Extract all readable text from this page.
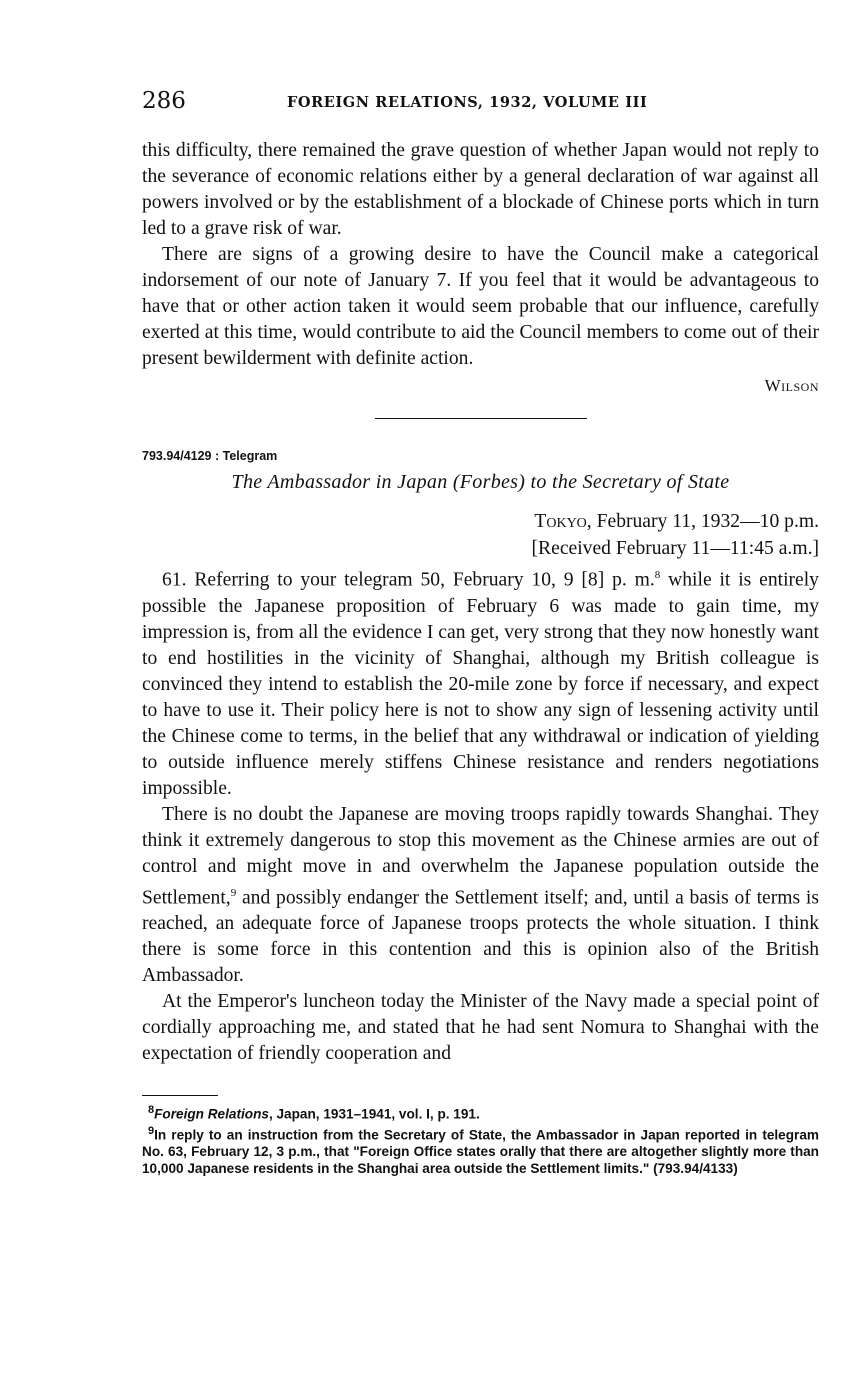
286	FOREIGN RELATIONS, 1932, VOLUME III

this difficulty, there remained the grave question of whether Japan would not reply to the severance of economic relations either by a general declaration of war against all powers involved or by the establishment of a blockade of Chinese ports which in turn led to a grave risk of war.

There are signs of a growing desire to have the Council make a categorical indorsement of our note of January 7. If you feel that it would be advantageous to have that or other action taken it would seem probable that our influence, carefully exerted at this time, would contribute to aid the Council members to come out of their present bewilderment with definite action.

Wilson

793.94/4129 : Telegram

The Ambassador in Japan (Forbes) to the Secretary of State

Tokyo, February 11, 1932—10 p.m.
[Received February 11—11:45 a.m.]

61. Referring to your telegram 50, February 10, 9 [8] p. m.$^8$ while it is entirely possible the Japanese proposition of February 6 was made to gain time, my impression is, from all the evidence I can get, very strong that they now honestly want to end hostilities in the vicinity of Shanghai, although my British colleague is convinced they intend to establish the 20-mile zone by force if necessary, and expect to have to use it. Their policy here is not to show any sign of lessening activity until the Chinese come to terms, in the belief that any withdrawal or indication of yielding to outside influence merely stiffens Chinese resistance and renders negotiations impossible.

There is no doubt the Japanese are moving troops rapidly towards Shanghai. They think it extremely dangerous to stop this movement as the Chinese armies are out of control and might move in and overwhelm the Japanese population outside the Settlement,$^9$ and possibly endanger the Settlement itself; and, until a basis of terms is reached, an adequate force of Japanese troops protects the whole situation. I think there is some force in this contention and this is opinion also of the British Ambassador.

At the Emperor's luncheon today the Minister of the Navy made a special point of cordially approaching me, and stated that he had sent Nomura to Shanghai with the expectation of friendly cooperation and

$^8$Foreign Relations, Japan, 1931–1941, vol. I, p. 191.

$^9$In reply to an instruction from the Secretary of State, the Ambassador in Japan reported in telegram No. 63, February 12, 3 p.m., that "Foreign Office states orally that there are altogether slightly more than 10,000 Japanese residents in the Shanghai area outside the Settlement limits." (793.94/4133)
